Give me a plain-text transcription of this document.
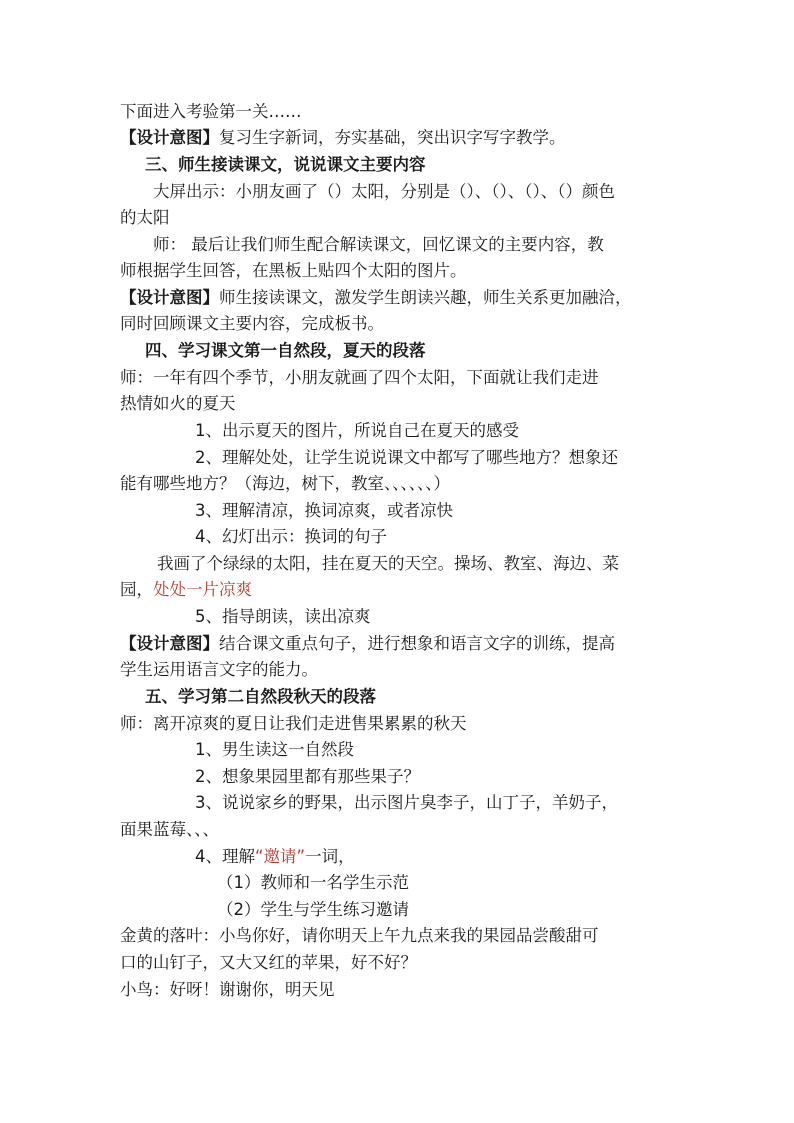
下面进入考验第一关……
【设计意图】复习生字新词，夯实基础，突出识字写字教学。
三、师生接读课文，说说课文主要内容
大屏出示：小朋友画了（）太阳，分别是（）、（）、（）、（）颜色
的太阳
师： 最后让我们师生配合解读课文，回忆课文的主要内容，教
师根据学生回答，在黑板上贴四个太阳的图片。
【设计意图】师生接读课文，激发学生朗读兴趣，师生关系更加融洽，
同时回顾课文主要内容，完成板书。
四、学习课文第一自然段，夏天的段落
师：一年有四个季节，小朋友就画了四个太阳，下面就让我们走进
热情如火的夏天
1、出示夏天的图片，所说自己在夏天的感受
2、理解处处，让学生说说课文中都写了哪些地方？想象还
能有哪些地方？（海边，树下，教室、、、、、、）
3、理解清凉，换词凉爽，或者凉快
4、幻灯出示：换词的句子
我画了个绿绿的太阳，挂在夏天的天空。操场、教室、海边、菜
园，处处一片凉爽
5、指导朗读，读出凉爽
【设计意图】结合课文重点句子，进行想象和语言文字的训练，提高
学生运用语言文字的能力。
五、学习第二自然段秋天的段落
师：离开凉爽的夏日让我们走进售果累累的秋天
1、男生读这一自然段
2、想象果园里都有那些果子？
3、说说家乡的野果，出示图片臭李子，山丁子，羊奶子，
面果蓝莓、、、
4、理解“邀请”一词，
（1）教师和一名学生示范
（2）学生与学生练习邀请
金黄的落叶：小鸟你好，请你明天上午九点来我的果园品尝酸甜可
口的山钉子，又大又红的苹果，好不好？
小鸟：好呀！谢谢你，明天见
